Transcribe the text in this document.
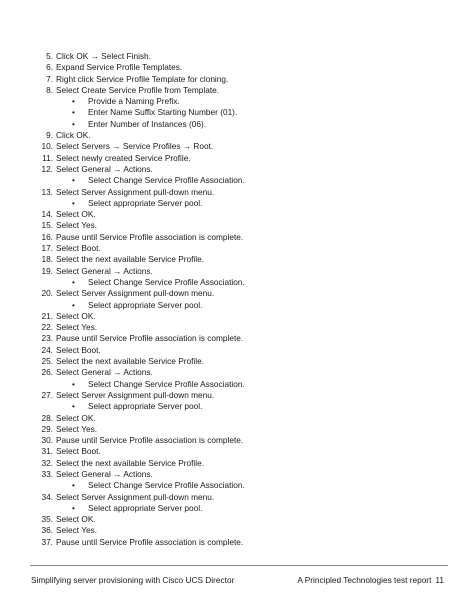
5. Click OK → Select Finish.
6. Expand Service Profile Templates.
7. Right click Service Profile Template for cloning.
8. Select Create Service Profile from Template.
• Provide a Naming Prefix.
• Enter Name Suffix Starting Number (01).
• Enter Number of Instances (06).
9. Click OK.
10. Select Servers → Service Profiles → Root.
11. Select newly created Service Profile.
12. Select General → Actions.
• Select Change Service Profile Association.
13. Select Server Assignment pull-down menu.
• Select appropriate Server pool.
14. Select OK.
15. Select Yes.
16. Pause until Service Profile association is complete.
17. Select Boot.
18. Select the next available Service Profile.
19. Select General → Actions.
• Select Change Service Profile Association.
20. Select Server Assignment pull-down menu.
• Select appropriate Server pool.
21. Select OK.
22. Select Yes.
23. Pause until Service Profile association is complete.
24. Select Boot.
25. Select the next available Service Profile.
26. Select General → Actions.
• Select Change Service Profile Association.
27. Select Server Assignment pull-down menu.
• Select appropriate Server pool.
28. Select OK.
29. Select Yes.
30. Pause until Service Profile association is complete.
31. Select Boot.
32. Select the next available Service Profile.
33. Select General → Actions.
• Select Change Service Profile Association.
34. Select Server Assignment pull-down menu.
• Select appropriate Server pool.
35. Select OK.
36. Select Yes.
37. Pause until Service Profile association is complete.
Simplifying server provisioning with Cisco UCS Director	A Principled Technologies test report 11
